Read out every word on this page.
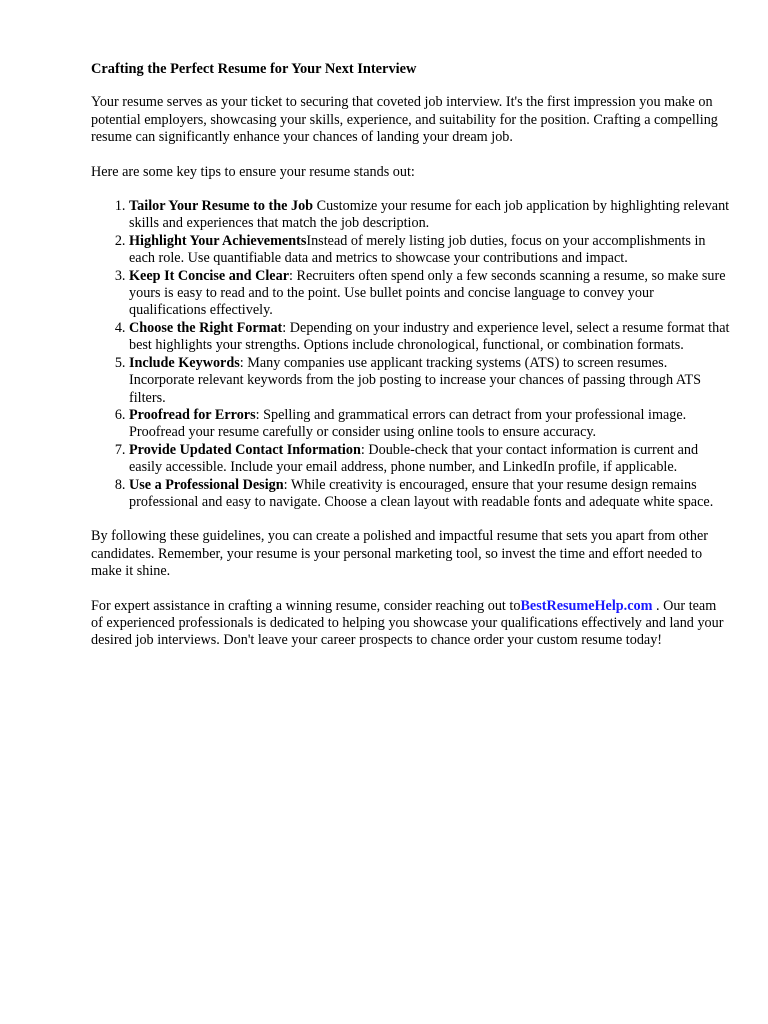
Crafting the Perfect Resume for Your Next Interview

Your resume serves as your ticket to securing that coveted job interview. It's the first impression you make on potential employers, showcasing your skills, experience, and suitability for the position. Crafting a compelling resume can significantly enhance your chances of landing your dream job.

Here are some key tips to ensure your resume stands out:

1. Tailor Your Resume to the Job Customize your resume for each job application by highlighting relevant skills and experiences that match the job description.
2. Highlight Your AchievementsInstead of merely listing job duties, focus on your accomplishments in each role. Use quantifiable data and metrics to showcase your contributions and impact.
3. Keep It Concise and Clear: Recruiters often spend only a few seconds scanning a resume, so make sure yours is easy to read and to the point. Use bullet points and concise language to convey your qualifications effectively.
4. Choose the Right Format: Depending on your industry and experience level, select a resume format that best highlights your strengths. Options include chronological, functional, or combination formats.
5. Include Keywords: Many companies use applicant tracking systems (ATS) to screen resumes. Incorporate relevant keywords from the job posting to increase your chances of passing through ATS filters.
6. Proofread for Errors: Spelling and grammatical errors can detract from your professional image. Proofread your resume carefully or consider using online tools to ensure accuracy.
7. Provide Updated Contact Information: Double-check that your contact information is current and easily accessible. Include your email address, phone number, and LinkedIn profile, if applicable.
8. Use a Professional Design: While creativity is encouraged, ensure that your resume design remains professional and easy to navigate. Choose a clean layout with readable fonts and adequate white space.

By following these guidelines, you can create a polished and impactful resume that sets you apart from other candidates. Remember, your resume is your personal marketing tool, so invest the time and effort needed to make it shine.

For expert assistance in crafting a winning resume, consider reaching out toBestResumeHelp.com . Our team of experienced professionals is dedicated to helping you showcase your qualifications effectively and land your desired job interviews. Don't leave your career prospects to chance order your custom resume today!
